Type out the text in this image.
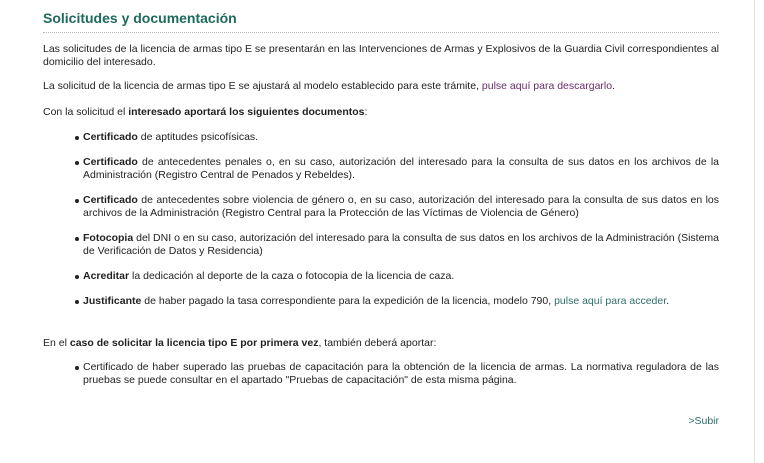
Solicitudes y documentación

Las solicitudes de la licencia de armas tipo E se presentarán en las Intervenciones de Armas y Explosivos de la Guardia Civil correspondientes al domicilio del interesado.

La solicitud de la licencia de armas tipo E se ajustará al modelo establecido para este trámite, pulse aquí para descargarlo.

Con la solicitud el interesado aportará los siguientes documentos:

Certificado de aptitudes psicofísicas.
Certificado de antecedentes penales o, en su caso, autorización del interesado para la consulta de sus datos en los archivos de la Administración (Registro Central de Penados y Rebeldes).
Certificado de antecedentes sobre violencia de género o, en su caso, autorización del interesado para la consulta de sus datos en los archivos de la Administración (Registro Central para la Protección de las Víctimas de Violencia de Género)
Fotocopia del DNI o en su caso, autorización del interesado para la consulta de sus datos en los archivos de la Administración (Sistema de Verificación de Datos y Residencia)
Acreditar la dedicación al deporte de la caza o fotocopia de la licencia de caza.
Justificante de haber pagado la tasa correspondiente para la expedición de la licencia, modelo 790, pulse aquí para acceder.

En el caso de solicitar la licencia tipo E por primera vez, también deberá aportar:

Certificado de haber superado las pruebas de capacitación para la obtención de la licencia de armas. La normativa reguladora de las pruebas se puede consultar en el apartado "Pruebas de capacitación" de esta misma página.
>Subir
